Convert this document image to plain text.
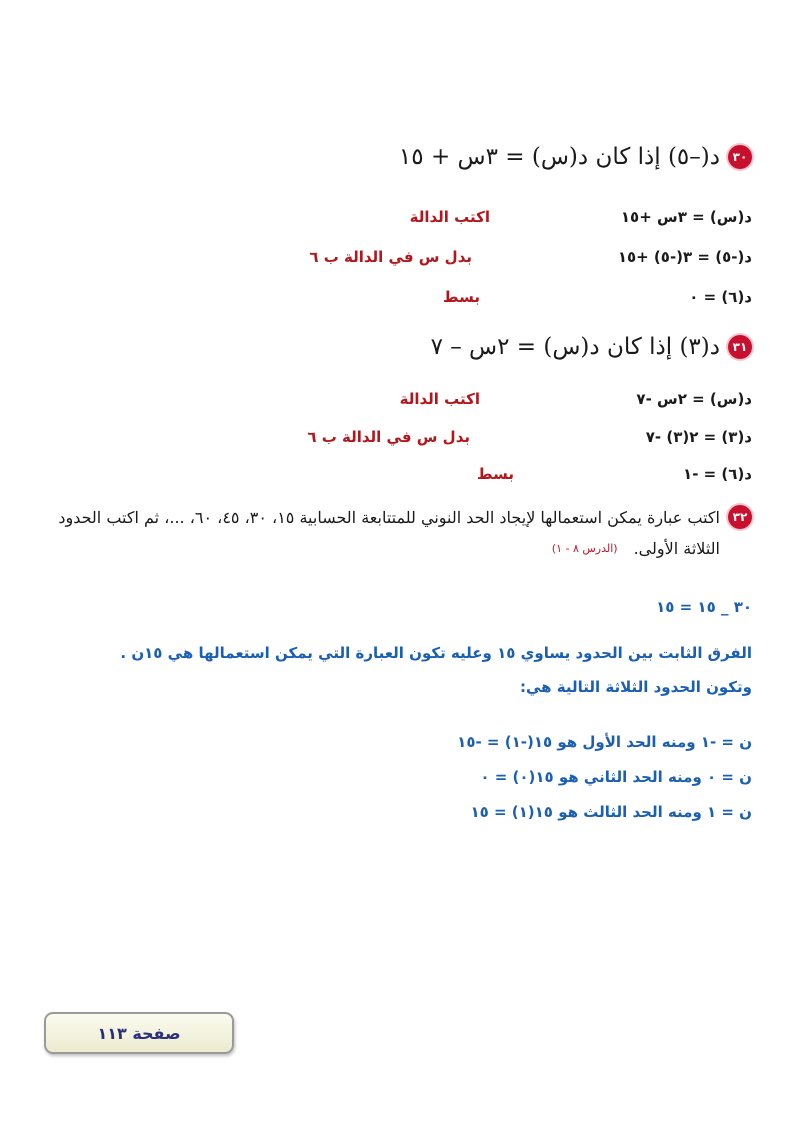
٣٠
د(–٥) إذا كان د(س) = ٣س + ١٥
د(س) = ٣س +١٥
اكتب الدالة
د(-٥) = ٣(-٥) +١٥
بدل س في الدالة ب ٦
د(٦) = ٠
بسط
٣١
د(٣) إذا كان د(س) = ٢س – ٧
د(س) = ٢س -٧
اكتب الدالة
د(٣) = ٢(٣) -٧
بدل س في الدالة ب ٦
د(٦) = -١
بسط
٣٢
اكتب عبارة يمكن استعمالها لإيجاد الحد النوني للمتتابعة الحسابية ١٥، ٣٠، ٤٥، ٦٠، ...، ثم اكتب الحدود
الثلاثة الأولى.
(الدرس ٨ - ١)
٣٠ _ ١٥ = ١٥
الفرق الثابت بين الحدود يساوي ١٥ وعليه تكون العبارة التي يمكن استعمالها هي ١٥ن .
وتكون الحدود الثلاثة التالية هي:
ن = -١ ومنه الحد الأول هو ١٥(-١) = -١٥
ن = ٠ ومنه الحد الثاني هو ١٥(٠) = ٠
ن = ١ ومنه الحد الثالث هو ١٥(١) = ١٥
صفحة ١١٣
